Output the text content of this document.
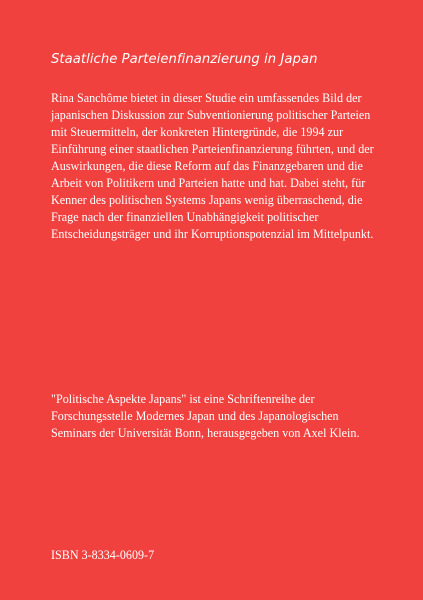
Staatliche Parteienfinanzierung in Japan

Rina Sanchôme bietet in dieser Studie ein umfassendes Bild der japanischen Diskussion zur Subventionierung politischer Parteien mit Steuermitteln, der konkreten Hintergründe, die 1994 zur Einführung einer staatlichen Parteienfinanzierung führten, und der Auswirkungen, die diese Reform auf das Finanzgebaren und die Arbeit von Politikern und Parteien hatte und hat. Dabei steht, für Kenner des politischen Systems Japans wenig überraschend, die Frage nach der finanziellen Unabhängigkeit politischer Entscheidungsträger und ihr Korruptionspotenzial im Mittelpunkt.

"Politische Aspekte Japans" ist eine Schriftenreihe der Forschungsstelle Modernes Japan und des Japanologischen Seminars der Universität Bonn, herausgegeben von Axel Klein.

ISBN 3-8334-0609-7
